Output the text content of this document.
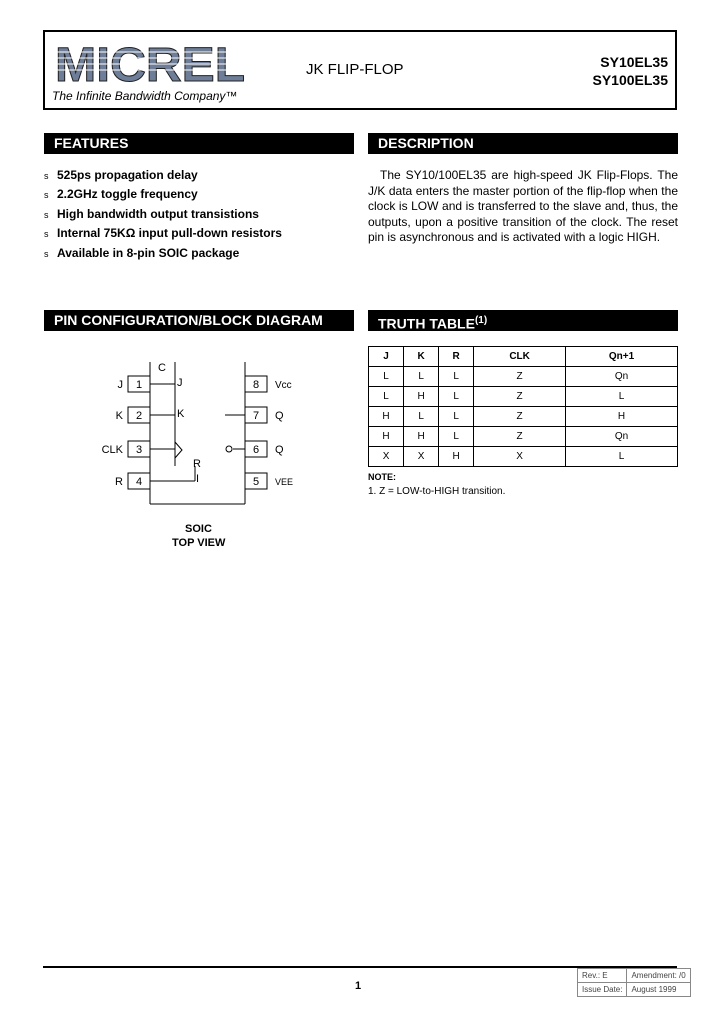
MICREL
The Infinite Bandwidth Company™
JK FLIP-FLOP	SY10EL35
SY100EL35
FEATURES
s 525ps propagation delay
s 2.2GHz toggle frequency
s High bandwidth output transistions
s Internal 75KΩ input pull-down resistors
s Available in 8-pin SOIC package
DESCRIPTION

The SY10/100EL35 are high-speed JK Flip-Flops. The J/K data enters the master portion of the flip-flop when the clock is LOW and is transferred to the slave and, thus, the outputs, upon a positive transition of the clock. The reset pin is asynchronous and is activated with a logic HIGH.

PIN CONFIGURATION/BLOCK DIAGRAM
1
2
3
4
8
7
6
5
J
K
CLK
R
Vcc
Q
Q
VEE
C
J
K
R
I
SOIC
TOP VIEW
TRUTH TABLE$^{(1)}$
J	K	R	CLK	Qn+1
L	L	L	Z	Qn
L	H	L	Z	L
H	L	L	Z	H
H	H	L	Z	Qn
X	X	H	X	L
NOTE:
1. Z = LOW-to-HIGH transition.
1
Rev.: E	Amendment: /0
Issue Date:	August 1999
